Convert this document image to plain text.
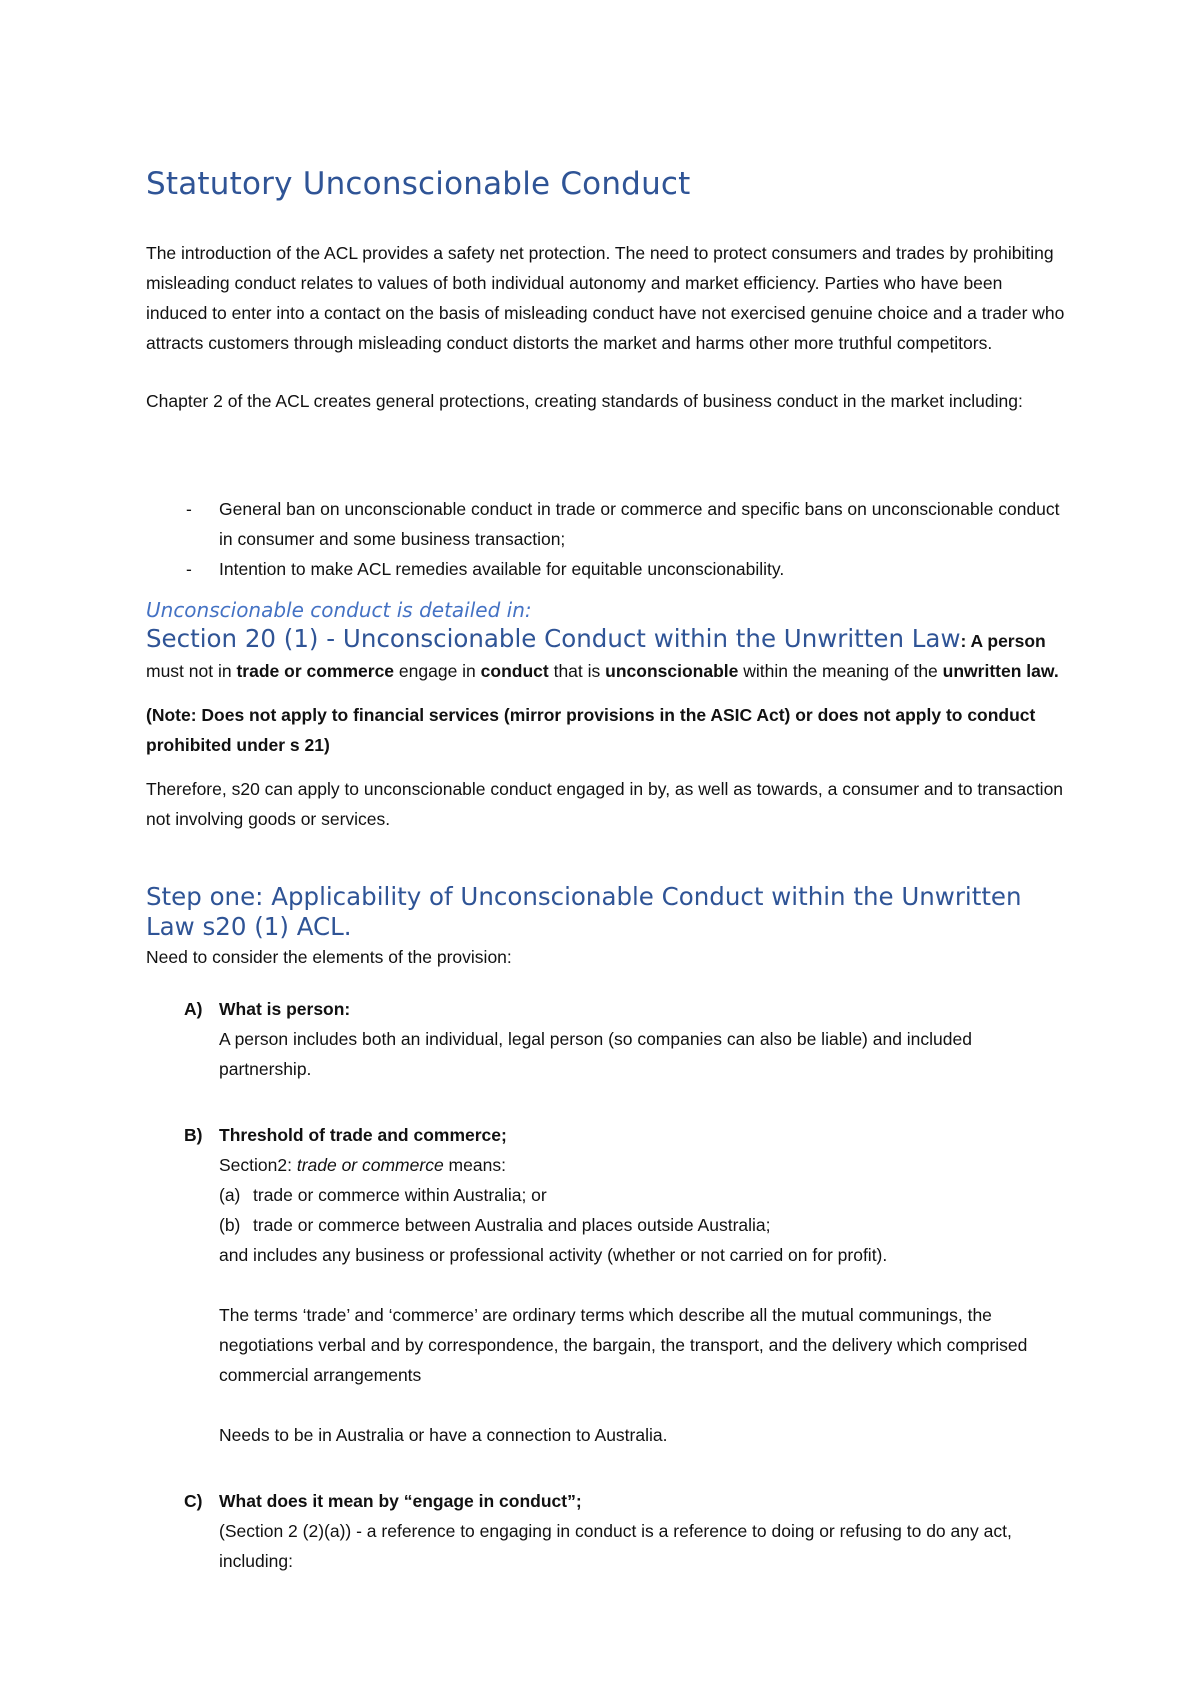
Statutory Unconscionable Conduct

The introduction of the ACL provides a safety net protection. The need to protect consumers and trades by prohibiting misleading conduct relates to values of both individual autonomy and market efficiency. Parties who have been induced to enter into a contact on the basis of misleading conduct have not exercised genuine choice and a trader who attracts customers through misleading conduct distorts the market and harms other more truthful competitors.

Chapter 2 of the ACL creates general protections, creating standards of business conduct in the market including:

- General ban on unconscionable conduct in trade or commerce and specific bans on unconscionable conduct in consumer and some business transaction;
- Intention to make ACL remedies available for equitable unconscionability.
Unconscionable conduct is detailed in:

Section 20 (1) - Unconscionable Conduct within the Unwritten Law: A person must not in trade or commerce engage in conduct that is unconscionable within the meaning of the unwritten law.

(Note: Does not apply to financial services (mirror provisions in the ASIC Act) or does not apply to conduct prohibited under s 21)

Therefore, s20 can apply to unconscionable conduct engaged in by, as well as towards, a consumer and to transaction not involving goods or services.

Step one: Applicability of Unconscionable Conduct within the Unwritten Law s20 (1) ACL.

Need to consider the elements of the provision:

A) What is person:

A person includes both an individual, legal person (so companies can also be liable) and included partnership.

B) Threshold of trade and commerce;

Section2: trade or commerce means:

(a) trade or commerce within Australia; or
(b) trade or commerce between Australia and places outside Australia;

and includes any business or professional activity (whether or not carried on for profit).

The terms ‘trade’ and ‘commerce’ are ordinary terms which describe all the mutual communings, the negotiations verbal and by correspondence, the bargain, the transport, and the delivery which comprised commercial arrangements

Needs to be in Australia or have a connection to Australia.

C) What does it mean by “engage in conduct”;

(Section 2 (2)(a)) - a reference to engaging in conduct is a reference to doing or refusing to do any act, including:
